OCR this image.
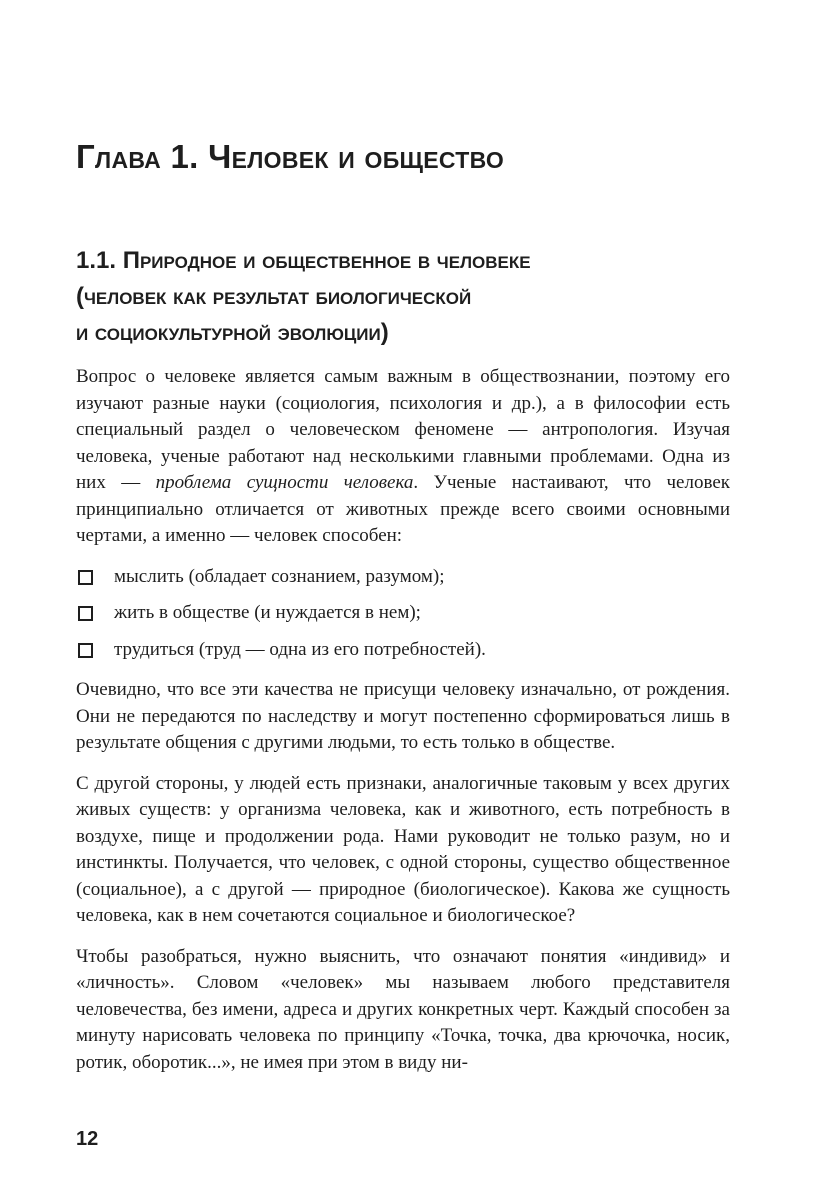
Глава 1. Человек и общество
1.1. Природное и общественное в человеке
(человек как результат биологической
и социокультурной эволюции)

Вопрос о человеке является самым важным в обществознании, поэтому его изучают разные науки (социология, психология и др.), а в философии есть специальный раздел о человеческом феномене — антропология. Изучая человека, ученые работают над несколькими главными проблемами. Одна из них — проблема сущности человека. Ученые настаивают, что человек принципиально отличается от животных прежде всего своими основными чертами, а именно — человек способен:

мыслить (обладает сознанием, разумом);
жить в обществе (и нуждается в нем);
трудиться (труд — одна из его потребностей).

Очевидно, что все эти качества не присущи человеку изначально, от рождения. Они не передаются по наследству и могут постепенно сформироваться лишь в результате общения с другими людьми, то есть только в обществе.

С другой стороны, у людей есть признаки, аналогичные таковым у всех других живых существ: у организма человека, как и животного, есть потребность в воздухе, пище и продолжении рода. Нами руководит не только разум, но и инстинкты. Получается, что человек, с одной стороны, существо общественное (социальное), а с другой — природное (биологическое). Какова же сущность человека, как в нем сочетаются социальное и биологическое?

Чтобы разобраться, нужно выяснить, что означают понятия «индивид» и «личность». Словом «человек» мы называем любого представителя человечества, без имени, адреса и других конкретных черт. Каждый способен за минуту нарисовать человека по принципу «Точка, точка, два крючочка, носик, ротик, оборотик...», не имея при этом в виду ни-

12
